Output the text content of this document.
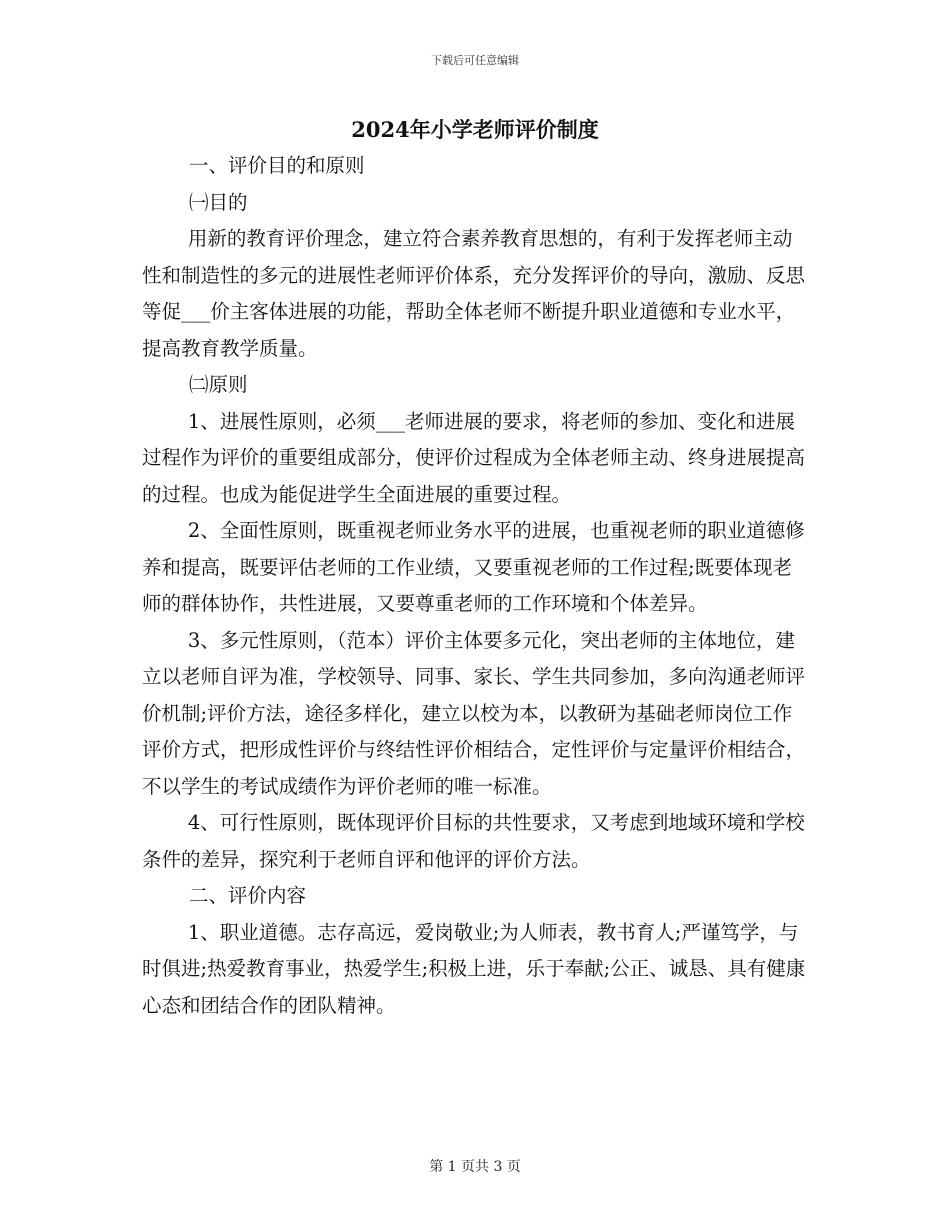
下载后可任意编辑
2024年小学老师评价制度

一、评价目的和原则

㈠目的

用新的教育评价理念，建立符合素养教育思想的，有利于发挥老师主动性和制造性的多元的进展性老师评价体系，充分发挥评价的导向，激励、反思等促___价主客体进展的功能，帮助全体老师不断提升职业道德和专业水平，提高教育教学质量。

㈡原则

1、进展性原则，必须___老师进展的要求，将老师的参加、变化和进展过程作为评价的重要组成部分，使评价过程成为全体老师主动、终身进展提高的过程。也成为能促进学生全面进展的重要过程。

2、全面性原则，既重视老师业务水平的进展，也重视老师的职业道德修养和提高，既要评估老师的工作业绩，又要重视老师的工作过程;既要体现老师的群体协作，共性进展，又要尊重老师的工作环境和个体差异。

3、多元性原则，（范本）评价主体要多元化，突出老师的主体地位，建立以老师自评为准，学校领导、同事、家长、学生共同参加，多向沟通老师评价机制;评价方法，途径多样化，建立以校为本，以教研为基础老师岗位工作评价方式，把形成性评价与终结性评价相结合，定性评价与定量评价相结合，不以学生的考试成绩作为评价老师的唯一标准。

4、可行性原则，既体现评价目标的共性要求，又考虑到地域环境和学校条件的差异，探究利于老师自评和他评的评价方法。

二、评价内容

1、职业道德。志存高远，爱岗敬业;为人师表，教书育人;严谨笃学，与时俱进;热爱教育事业，热爱学生;积极上进，乐于奉献;公正、诚恳、具有健康心态和团结合作的团队精神。

第 1 页共 3 页
